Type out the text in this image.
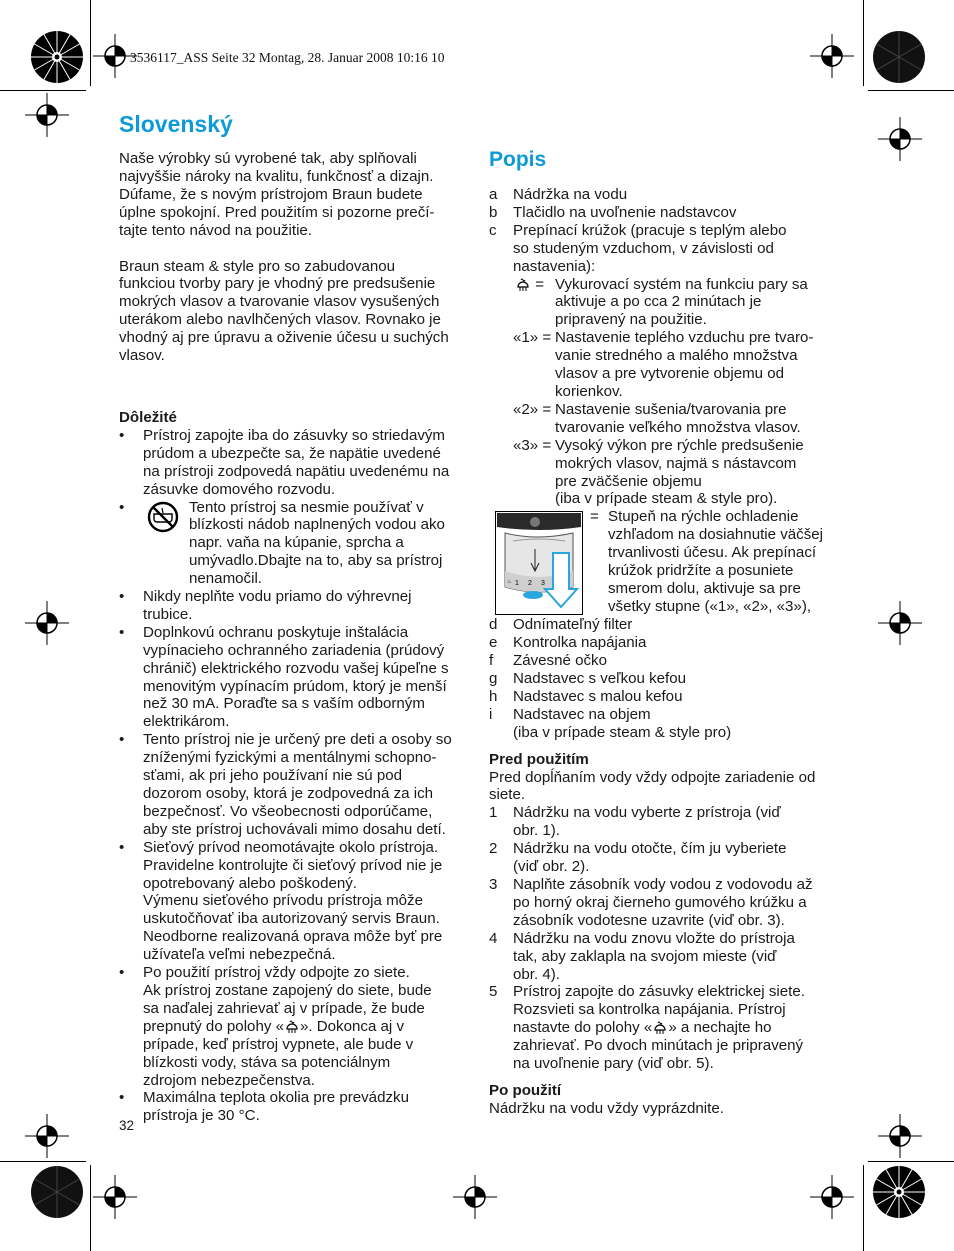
3536117_ASS Seite 32 Montag, 28. Januar 2008 10:16 10
Slovenský

Naše výrobky sú vyrobené tak, aby splňovali
najvyššie nároky na kvalitu, funkčnosť a dizajn.
Dúfame, že s novým prístrojom Braun budete
úplne spokojní. Pred použitím si pozorne prečí-
tajte tento návod na použitie.

Braun steam & style pro so zabudovanou
funkciou tvorby pary je vhodný pre predsušenie
mokrých vlasov a tvarovanie vlasov vysušených
uterákom alebo navlhčených vlasov. Rovnako je
vhodný aj pre úpravu a oživenie účesu u suchých
vlasov.

Dôležité

• Prístroj zapojte iba do zásuvky so striedavým
prúdom a ubezpečte sa, že napätie uvedené
na prístroji zodpovedá napätiu uvedenému na
zásuvke domového rozvodu.
•	Tento prístroj sa nesmie používať v
blízkosti nádob naplnených vodou ako
napr. vaňa na kúpanie, sprcha a
umývadlo.Dbajte na to, aby sa prístroj
nenamočil.
• Nikdy neplňte vodu priamo do výhrevnej
trubice.
• Doplnkovú ochranu poskytuje inštalácia
vypínacieho ochranného zariadenia (prúdový
chránič) elektrického rozvodu vašej kúpeľne s
menovitým vypínacím prúdom, ktorý je menší
než 30 mA. Poraďte sa s vaším odborným
elektrikárom.
• Tento prístroj nie je určený pre deti a osoby so
zníženými fyzickými a mentálnymi schopno-
sťami, ak pri jeho používaní nie sú pod
dozorom osoby, ktorá je zodpovedná za ich
bezpečnosť. Vo všeobecnosti odporúčame,
aby ste prístroj uchovávali mimo dosahu detí.
• Sieťový prívod neomotávajte okolo prístroja.
Pravidelne kontrolujte či sieťový prívod nie je
opotrebovaný alebo poškodený.
Výmenu sieťového prívodu prístroja môže
uskutočňovať iba autorizovaný servis Braun.
Neodborne realizovaná oprava môže byť pre
užívateľa veľmi nebezpečná.
• Po použití prístroj vždy odpojte zo siete.
Ak prístroj zostane zapojený do siete, bude
sa naďalej zahrievať aj v prípade, že bude
prepnutý do polohy « ». Dokonca aj v
prípade, keď prístroj vypnete, ale bude v
blízkosti vody, stáva sa potenciálnym
zdrojom nebezpečenstva.
• Maximálna teplota okolia pre prevádzku
prístroja je 30 °C.

Popis

a Nádržka na vodu
b Tlačidlo na uvoľnenie nadstavcov
c Prepínací krúžok (pracuje s teplým alebo
so studeným vzduchom, v závislosti od
nastavenia):
= Vykurovací systém na funkciu pary sa
aktivuje a po cca 2 minútach je
pripravený na použitie.
«1» = Nastavenie teplého vzduchu pre tvaro-
vanie stredného a malého množstva
vlasov a pre vytvorenie objemu od
korienkov.
«2» = Nastavenie sušenia/tvarovania pre
tvarovanie veľkého množstva vlasov.
«3» = Vysoký výkon pre rýchle predsušenie
mokrých vlasov, najmä s nástavcom
pre zväčšenie objemu
(iba v prípade steam & style pro).
♨ 1 2 3
= Stupeň na rýchle ochladenie
vzhľadom na dosiahnutie väčšej
trvanlivosti účesu. Ak prepínací
krúžok pridržíte a posuniete
smerom dolu, aktivuje sa pre
všetky stupne («1», «2», «3»),
d Odnímateľný filter
e Kontrolka napájania
f Závesné očko
g Nadstavec s veľkou kefou
h Nadstavec s malou kefou
i Nadstavec na objem
(iba v prípade steam & style pro)

Pred použitím

Pred dopĺňaním vody vždy odpojte zariadenie od
siete.

1 Nádržku na vodu vyberte z prístroja (viď
obr. 1).
2 Nádržku na vodu otočte, čím ju vyberiete
(viď obr. 2).
3 Naplňte zásobník vody vodou z vodovodu až
po horný okraj čierneho gumového krúžku a
zásobník vodotesne uzavrite (viď obr. 3).
4 Nádržku na vodu znovu vložte do prístroja
tak, aby zaklapla na svojom mieste (viď
obr. 4).
5 Prístroj zapojte do zásuvky elektrickej siete.
Rozsvieti sa kontrolka napájania. Prístroj
nastavte do polohy « » a nechajte ho
zahrievať. Po dvoch minútach je pripravený
na uvoľnenie pary (viď obr. 5).

Po použití

Nádržku na vodu vždy vyprázdnite.

32
